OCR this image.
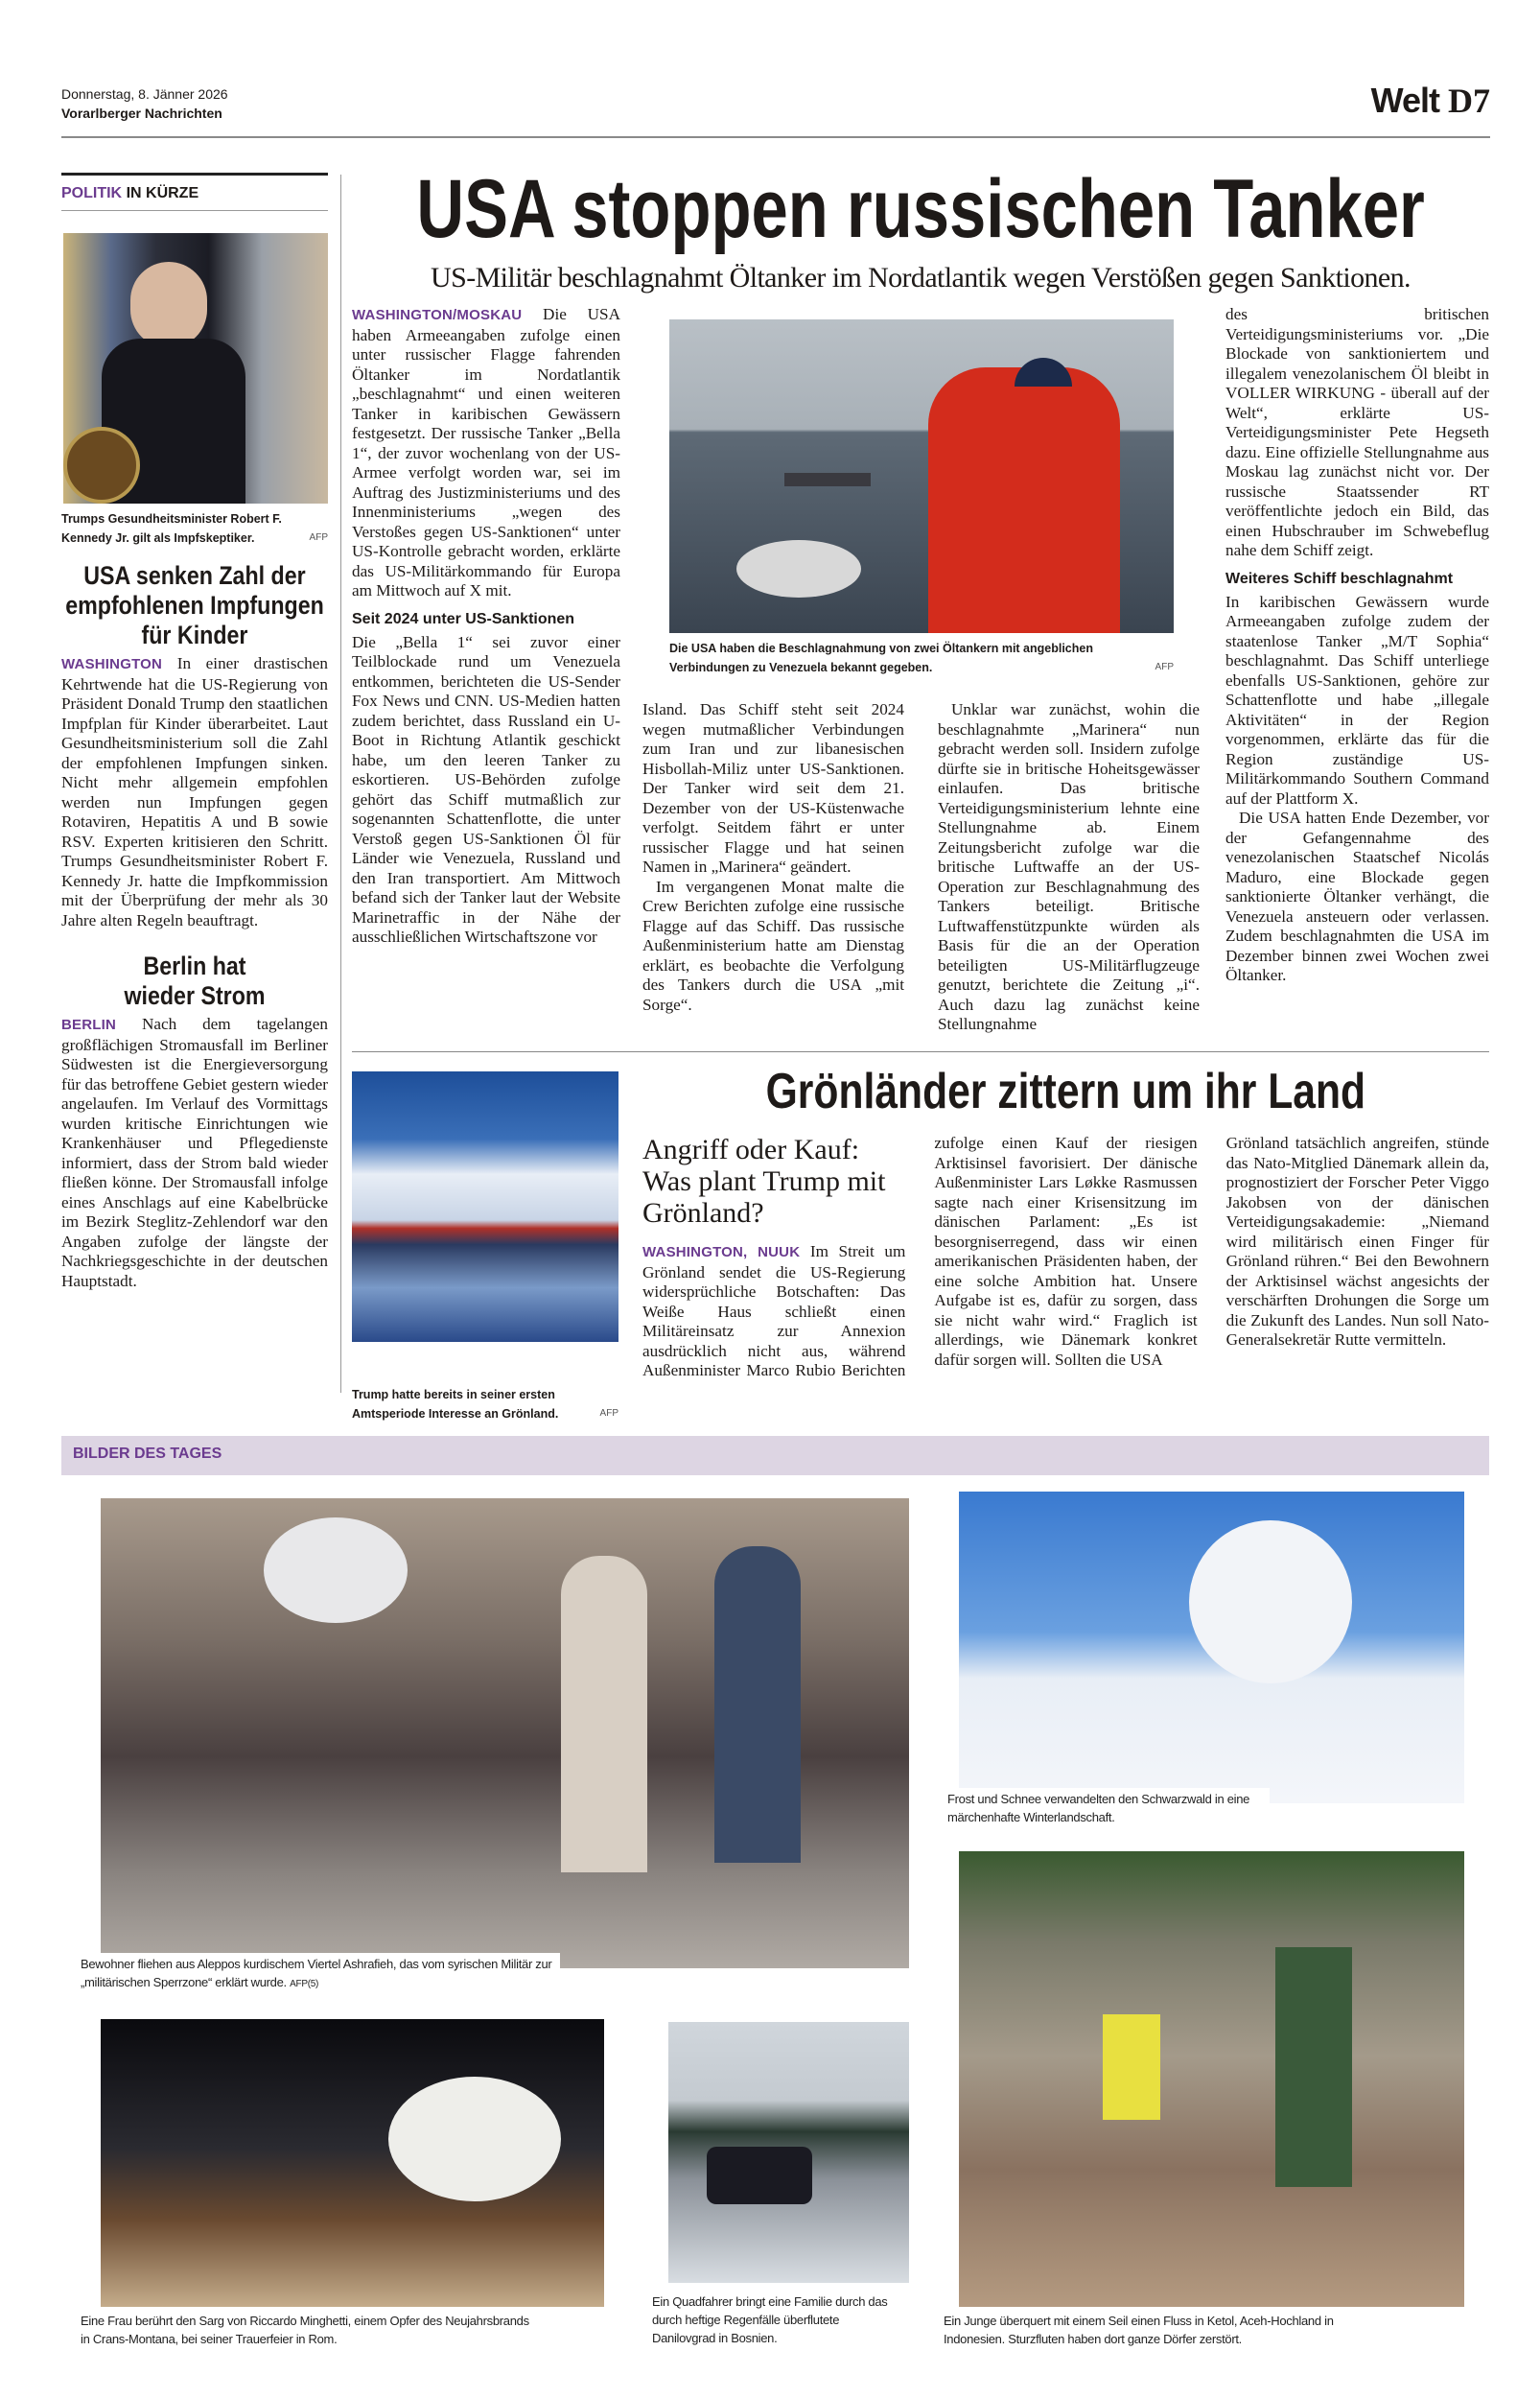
Donnerstag, 8. Jänner 2026
Vorarlberger Nachrichten	Welt D7
POLITIK IN KÜRZE
Trumps Gesundheitsminister Robert F. Kennedy Jr. gilt als Impfskeptiker.	AFP
USA senken Zahl der empfohlenen Impfungen für Kinder
WASHINGTON In einer drastischen Kehrtwende hat die US-Regierung von Präsident Donald Trump den staatlichen Impfplan für Kinder überarbeitet. Laut Gesundheitsministerium soll die Zahl der empfohlenen Impfungen sinken. Nicht mehr allgemein empfohlen werden nun Impfungen gegen Rotaviren, Hepatitis A und B sowie RSV. Experten kritisieren den Schritt. Trumps Gesundheitsminister Robert F. Kennedy Jr. hatte die Impfkommission mit der Überprüfung der mehr als 30 Jahre alten Regeln beauftragt.
Berlin hat wieder Strom
BERLIN Nach dem tagelangen großflächigen Stromausfall im Berliner Südwesten ist die Energieversorgung für das betroffene Gebiet gestern wieder angelaufen. Im Verlauf des Vormittags wurden kritische Einrichtungen wie Krankenhäuser und Pflegedienste informiert, dass der Strom bald wieder fließen könne. Der Stromausfall infolge eines Anschlags auf eine Kabelbrücke im Bezirk Steglitz-Zehlendorf war den Angaben zufolge der längste der Nachkriegsgeschichte in der deutschen Hauptstadt.
USA stoppen russischen Tanker
US-Militär beschlagnahmt Öltanker im Nordatlantik wegen Verstößen gegen Sanktionen.

WASHINGTON/MOSKAU Die USA haben Armeeangaben zufolge einen unter russischer Flagge fahrenden Öltanker im Nordatlantik „beschlagnahmt“ und einen weiteren Tanker in karibischen Gewässern festgesetzt. Der russische Tanker „Bella 1“, der zuvor wochenlang von der US-Armee verfolgt worden war, sei im Auftrag des Justizministeriums und des Innenministeriums „wegen des Verstoßes gegen US-Sanktionen“ unter US-Kontrolle gebracht worden, erklärte das US-Militärkommando für Europa am Mittwoch auf X mit.

Seit 2024 unter US-Sanktionen

Die „Bella 1“ sei zuvor einer Teilblockade rund um Venezuela entkommen, berichteten die US-Sender Fox News und CNN. US-Medien hatten zudem berichtet, dass Russland ein U-Boot in Richtung Atlantik geschickt habe, um den leeren Tanker zu eskortieren. US-Behörden zufolge gehört das Schiff mutmaßlich zur sogenannten Schattenflotte, die unter Verstoß gegen US-Sanktionen Öl für Länder wie Venezuela, Russland und den Iran transportiert. Am Mittwoch befand sich der Tanker laut der Website Marinetraffic in der Nähe der ausschließlichen Wirtschaftszone vor

Die USA haben die Beschlagnahmung von zwei Öltankern mit angeblichen Verbindungen zu Venezuela bekannt gegeben.	AFP

Island. Das Schiff steht seit 2024 wegen mutmaßlicher Verbindungen zum Iran und zur libanesischen Hisbollah-Miliz unter US-Sanktionen. Der Tanker wird seit dem 21. Dezember von der US-Küstenwache verfolgt. Seitdem fährt er unter russischer Flagge und hat seinen Namen in „Marinera“ geändert.

Im vergangenen Monat malte die Crew Berichten zufolge eine russische Flagge auf das Schiff. Das russische Außenministerium hatte am Dienstag erklärt, es beobachte die Verfolgung des Tankers durch die USA „mit Sorge“.

Unklar war zunächst, wohin die beschlagnahmte „Marinera“ nun gebracht werden soll. Insidern zufolge dürfte sie in britische Hoheitsgewässer einlaufen. Das britische Verteidigungsministerium lehnte eine Stellungnahme ab. Einem Zeitungsbericht zufolge war die britische Luftwaffe an der US-Operation zur Beschlagnahmung des Tankers beteiligt. Britische Luftwaffenstützpunkte würden als Basis für die an der Operation beteiligten US-Militärflugzeuge genutzt, berichtete die Zeitung „i“. Auch dazu lag zunächst keine Stellungnahme

des britischen Verteidigungsministeriums vor. „Die Blockade von sanktioniertem und illegalem venezolanischem Öl bleibt in VOLLER WIRKUNG - überall auf der Welt“, erklärte US-Verteidigungsminister Pete Hegseth dazu. Eine offizielle Stellungnahme aus Moskau lag zunächst nicht vor. Der russische Staatssender RT veröffentlichte jedoch ein Bild, das einen Hubschrauber im Schwebeflug nahe dem Schiff zeigt.

Weiteres Schiff beschlagnahmt

In karibischen Gewässern wurde Armeeangaben zufolge zudem der staatenlose Tanker „M/T Sophia“ beschlagnahmt. Das Schiff unterliege ebenfalls US-Sanktionen, gehöre zur Schattenflotte und habe „illegale Aktivitäten“ in der Region vorgenommen, erklärte das für die Region zuständige US-Militärkommando Southern Command auf der Plattform X.

Die USA hatten Ende Dezember, vor der Gefangennahme des venezolanischen Staatschef Nicolás Maduro, eine Blockade gegen sanktionierte Öltanker verhängt, die Venezuela ansteuern oder verlassen. Zudem beschlagnahmten die USA im Dezember binnen zwei Wochen zwei Öltanker.

Trump hatte bereits in seiner ersten Amtsperiode Interesse an Grönland.	AFP
Grönländer zittern um ihr Land
Angriff oder Kauf: Was plant Trump mit Grönland?

WASHINGTON, NUUK Im Streit um Grönland sendet die US-Regierung widersprüchliche Botschaften: Das Weiße Haus schließt einen Militäreinsatz zur Annexion ausdrücklich nicht aus, während Außenminister Marco Rubio Berichten zufolge einen Kauf der riesigen Arktisinsel favorisiert. Der dänische Außenminister Lars Løkke Rasmussen sagte nach einer Krisensitzung im dänischen Parlament: „Es ist besorgniserregend, dass wir einen amerikanischen Präsidenten haben, der eine solche Ambition hat. Unsere Aufgabe ist es, dafür zu sorgen, dass sie nicht wahr wird.“ Fraglich ist allerdings, wie Dänemark konkret dafür sorgen will. Sollten die USA

Grönland tatsächlich angreifen, stünde das Nato-Mitglied Dänemark allein da, prognostiziert der Forscher Peter Viggo Jakobsen von der dänischen Verteidigungsakademie: „Niemand wird militärisch einen Finger für Grönland rühren.“ Bei den Bewohnern der Arktisinsel wächst angesichts der verschärften Drohungen die Sorge um die Zukunft des Landes. Nun soll Nato-Generalsekretär Rutte vermitteln.

BILDER DES TAGES
Bewohner fliehen aus Aleppos kurdischem Viertel Ashrafieh, das vom syrischen Militär zur „militärischen Sperrzone“ erklärt wurde. AFP(5)
Frost und Schnee verwandelten den Schwarzwald in eine märchenhafte Winterlandschaft.
Ein Junge überquert mit einem Seil einen Fluss in Ketol, Aceh-Hochland in Indonesien. Sturzfluten haben dort ganze Dörfer zerstört.
Eine Frau berührt den Sarg von Riccardo Minghetti, einem Opfer des Neujahrsbrands in Crans-Montana, bei seiner Trauerfeier in Rom.
Ein Quadfahrer bringt eine Familie durch das durch heftige Regenfälle überflutete Danilovgrad in Bosnien.
